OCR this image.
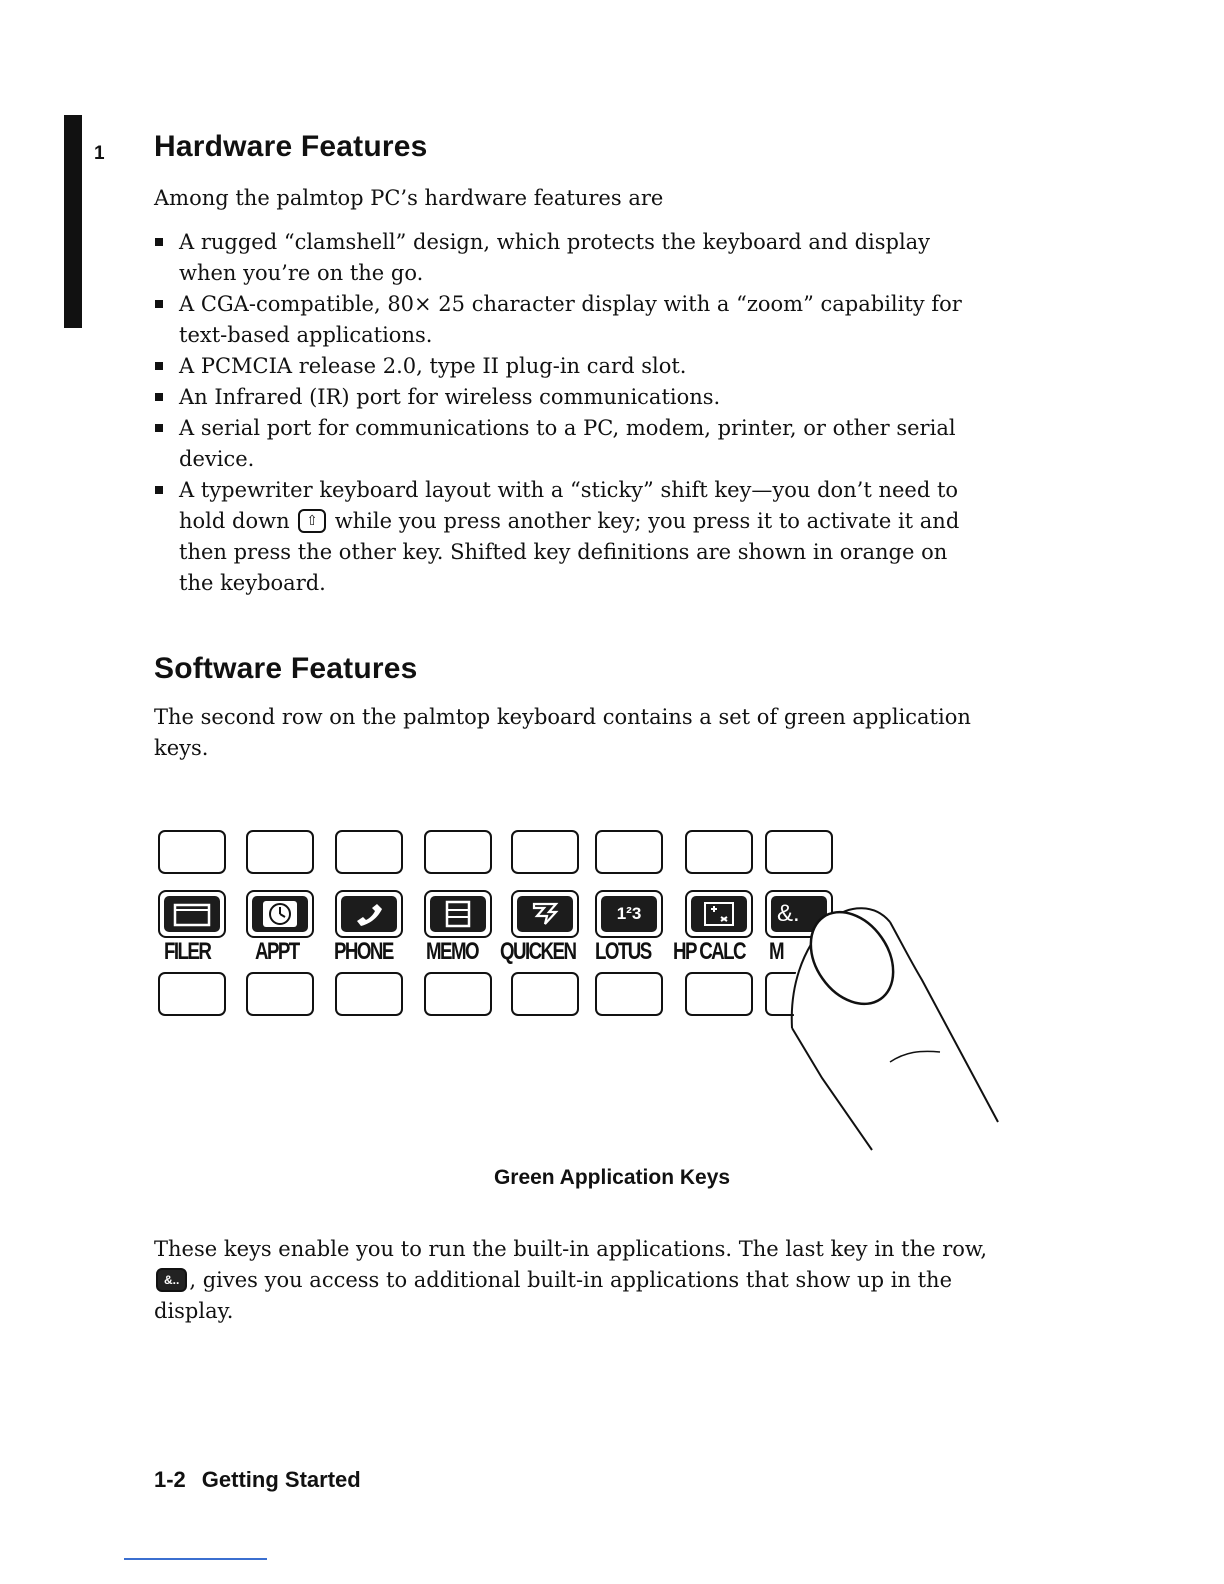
1 Hardware Features

Among the palmtop PC’s hardware features are

A rugged “clamshell” design, which protects the keyboard and display when you’re on the go.
A CGA-compatible, 80× 25 character display with a “zoom” capability for text-based applications.
A PCMCIA release 2.0, type II plug-in card slot.
An Infrared (IR) port for wireless communications.
A serial port for communications to a PC, modem, printer, or other serial device.
A typewriter keyboard layout with a “sticky” shift key—you don’t need to hold down ⇧ while you press another key; you press it to activate it and then press the other key. Shifted key definitions are shown in orange on the keyboard.
Software Features

The second row on the palmtop keyboard contains a set of green application keys.

1²3	&.
FILER APPT PHONE MEMO QUICKEN LOTUS HP CALC M
Green Application Keys

These keys enable you to run the built-in applications. The last key in the row, &.. , gives you access to additional built-in applications that show up in the display.

1-2 Getting Started
